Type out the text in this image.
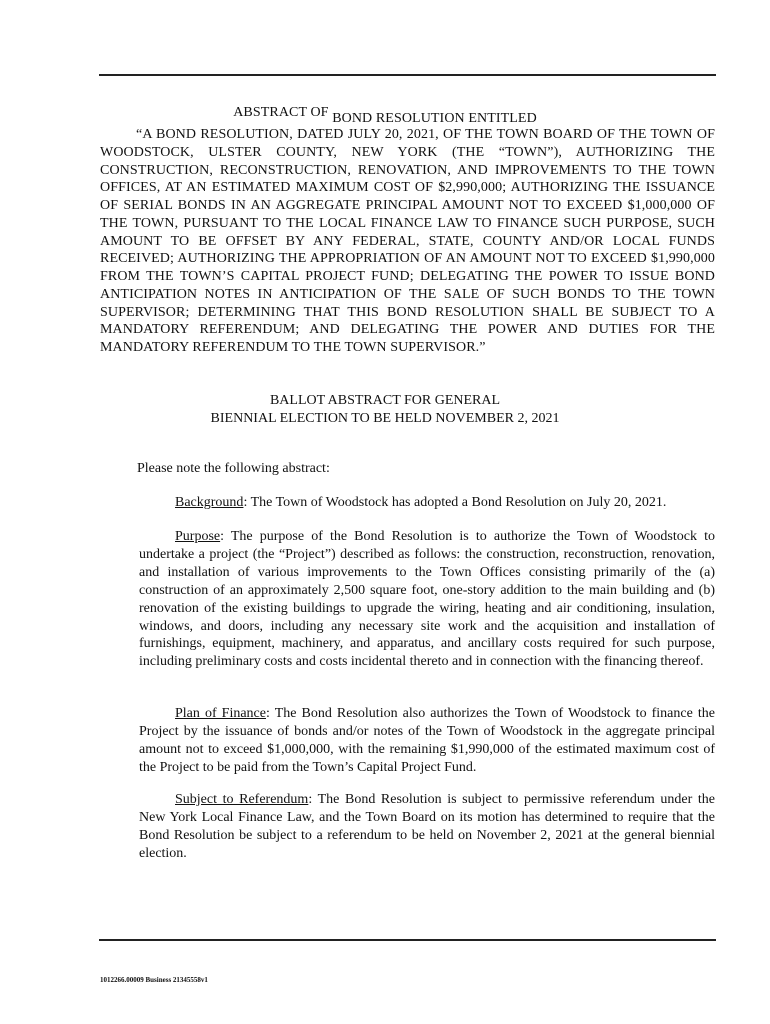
ABSTRACT OF BOND RESOLUTION ENTITLED

“A BOND RESOLUTION, DATED JULY 20, 2021, OF THE TOWN BOARD OF THE TOWN OF WOODSTOCK, ULSTER COUNTY, NEW YORK (THE “TOWN”), AUTHORIZING THE CONSTRUCTION, RECONSTRUCTION, RENOVATION, AND IMPROVEMENTS TO THE TOWN OFFICES, AT AN ESTIMATED MAXIMUM COST OF $2,990,000; AUTHORIZING THE ISSUANCE OF SERIAL BONDS IN AN AGGREGATE PRINCIPAL AMOUNT NOT TO EXCEED $1,000,000 OF THE TOWN, PURSUANT TO THE LOCAL FINANCE LAW TO FINANCE SUCH PURPOSE, SUCH AMOUNT TO BE OFFSET BY ANY FEDERAL, STATE, COUNTY AND/OR LOCAL FUNDS RECEIVED; AUTHORIZING THE APPROPRIATION OF AN AMOUNT NOT TO EXCEED $1,990,000 FROM THE TOWN’S CAPITAL PROJECT FUND; DELEGATING THE POWER TO ISSUE BOND ANTICIPATION NOTES IN ANTICIPATION OF THE SALE OF SUCH BONDS TO THE TOWN SUPERVISOR; DETERMINING THAT THIS BOND RESOLUTION SHALL BE SUBJECT TO A MANDATORY REFERENDUM; AND DELEGATING THE POWER AND DUTIES FOR THE MANDATORY REFERENDUM TO THE TOWN SUPERVISOR.”

BALLOT ABSTRACT FOR GENERAL
BIENNIAL ELECTION TO BE HELD NOVEMBER 2, 2021

Please note the following abstract:

Background: The Town of Woodstock has adopted a Bond Resolution on July 20, 2021.

Purpose: The purpose of the Bond Resolution is to authorize the Town of Woodstock to undertake a project (the “Project”) described as follows: the construction, reconstruction, renovation, and installation of various improvements to the Town Offices consisting primarily of the (a) construction of an approximately 2,500 square foot, one-story addition to the main building and (b) renovation of the existing buildings to upgrade the wiring, heating and air conditioning, insulation, windows, and doors, including any necessary site work and the acquisition and installation of furnishings, equipment, machinery, and apparatus, and ancillary costs required for such purpose, including preliminary costs and costs incidental thereto and in connection with the financing thereof.

Plan of Finance: The Bond Resolution also authorizes the Town of Woodstock to finance the Project by the issuance of bonds and/or notes of the Town of Woodstock in the aggregate principal amount not to exceed $1,000,000, with the remaining $1,990,000 of the estimated maximum cost of the Project to be paid from the Town’s Capital Project Fund.

Subject to Referendum: The Bond Resolution is subject to permissive referendum under the New York Local Finance Law, and the Town Board on its motion has determined to require that the Bond Resolution be subject to a referendum to be held on November 2, 2021 at the general biennial election.

1012266.00009 Business 21345558v1
